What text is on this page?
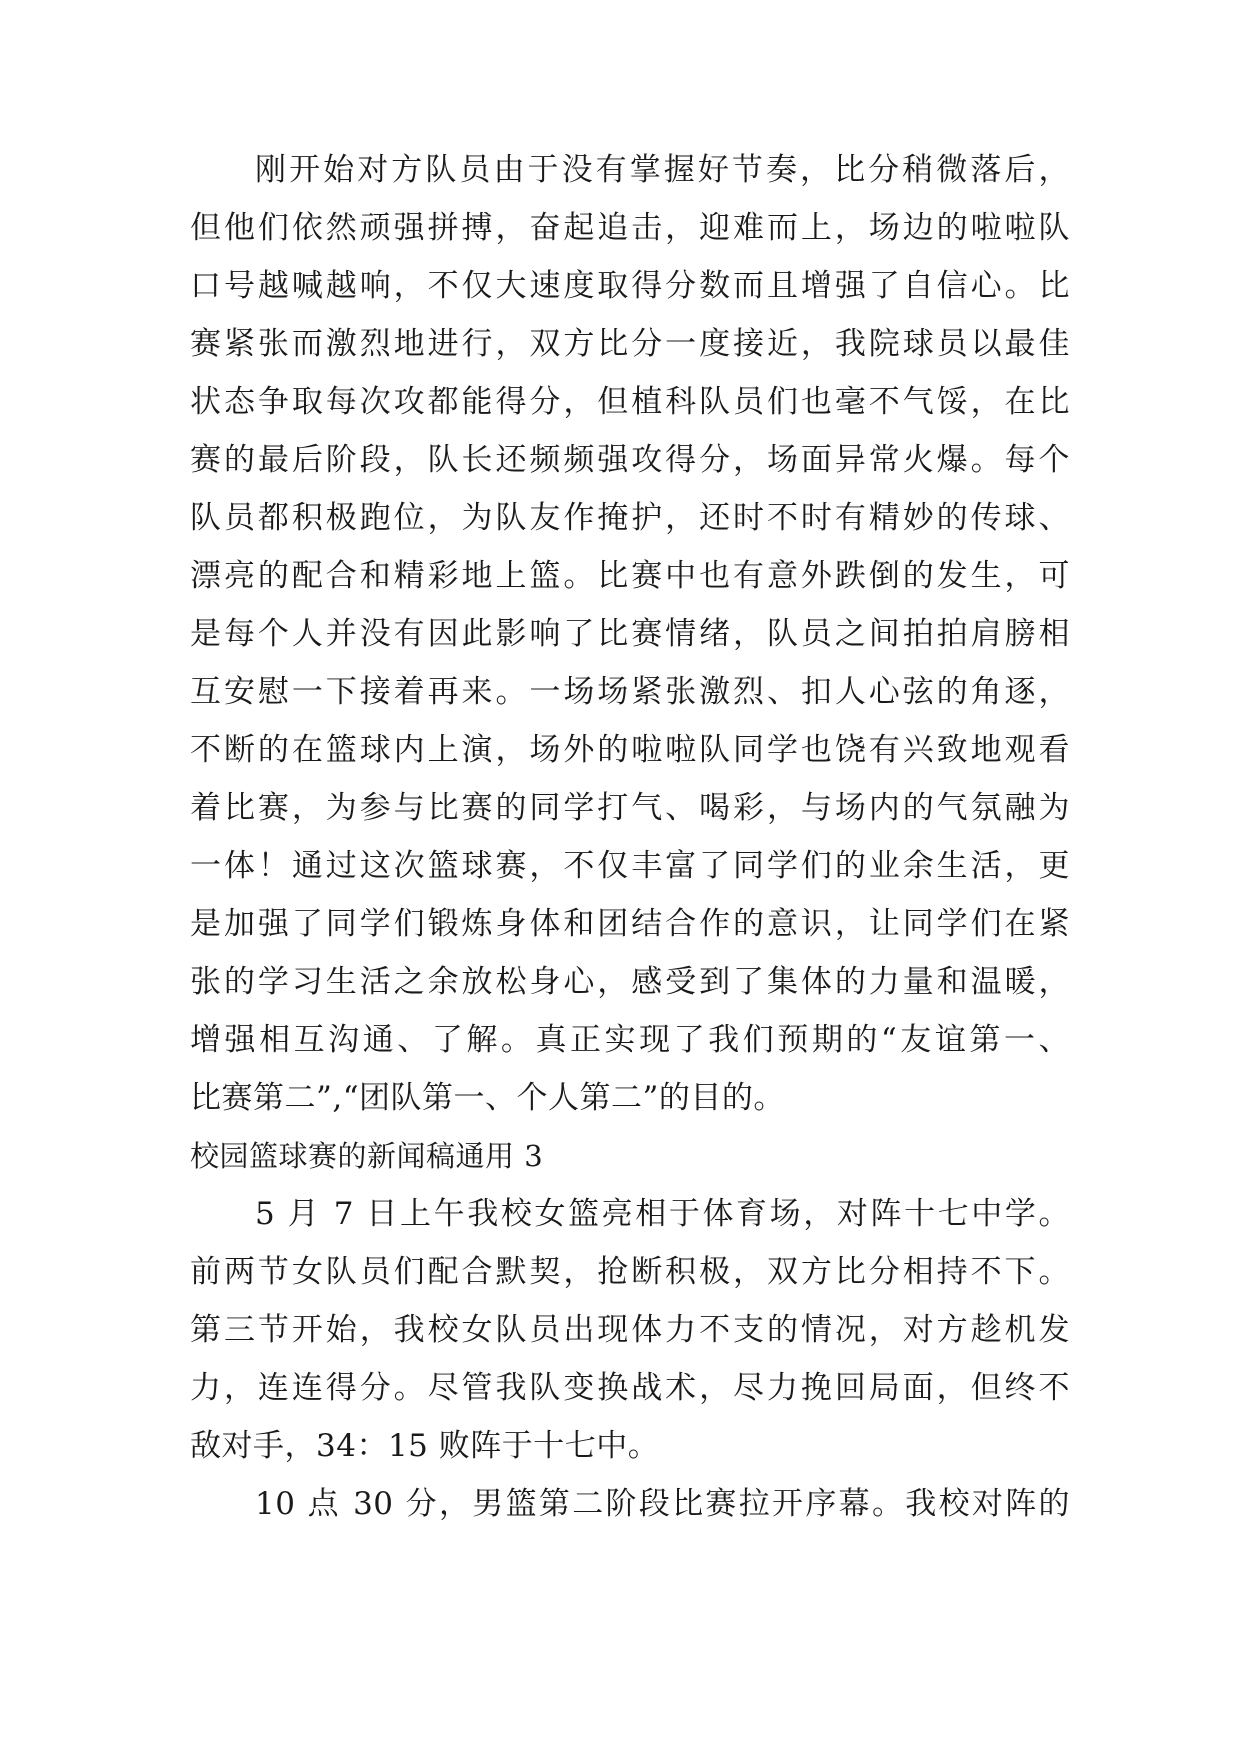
刚开始对方队员由于没有掌握好节奏，比分稍微落后，
但他们依然顽强拼搏，奋起追击，迎难而上，场边的啦啦队
口号越喊越响，不仅大速度取得分数而且增强了自信心。比
赛紧张而激烈地进行，双方比分一度接近，我院球员以最佳
状态争取每次攻都能得分，但植科队员们也毫不气馁，在比
赛的最后阶段，队长还频频强攻得分，场面异常火爆。每个
队员都积极跑位，为队友作掩护，还时不时有精妙的传球、
漂亮的配合和精彩地上篮。比赛中也有意外跌倒的发生，可
是每个人并没有因此影响了比赛情绪，队员之间拍拍肩膀相
互安慰一下接着再来。一场场紧张激烈、扣人心弦的角逐，
不断的在篮球内上演，场外的啦啦队同学也饶有兴致地观看
着比赛，为参与比赛的同学打气、喝彩，与场内的气氛融为
一体！通过这次篮球赛，不仅丰富了同学们的业余生活，更
是加强了同学们锻炼身体和团结合作的意识，让同学们在紧
张的学习生活之余放松身心，感受到了集体的力量和温暖，
增强相互沟通、了解。真正实现了我们预期的“友谊第一、
比赛第二”,“团队第一、个人第二”的目的。
校园篮球赛的新闻稿通用 3
5 月 7 日上午我校女篮亮相于体育场，对阵十七中学。
前两节女队员们配合默契，抢断积极，双方比分相持不下。
第三节开始，我校女队员出现体力不支的情况，对方趁机发
力，连连得分。尽管我队变换战术，尽力挽回局面，但终不
敌对手，34：15 败阵于十七中。
10 点 30 分，男篮第二阶段比赛拉开序幕。我校对阵的
